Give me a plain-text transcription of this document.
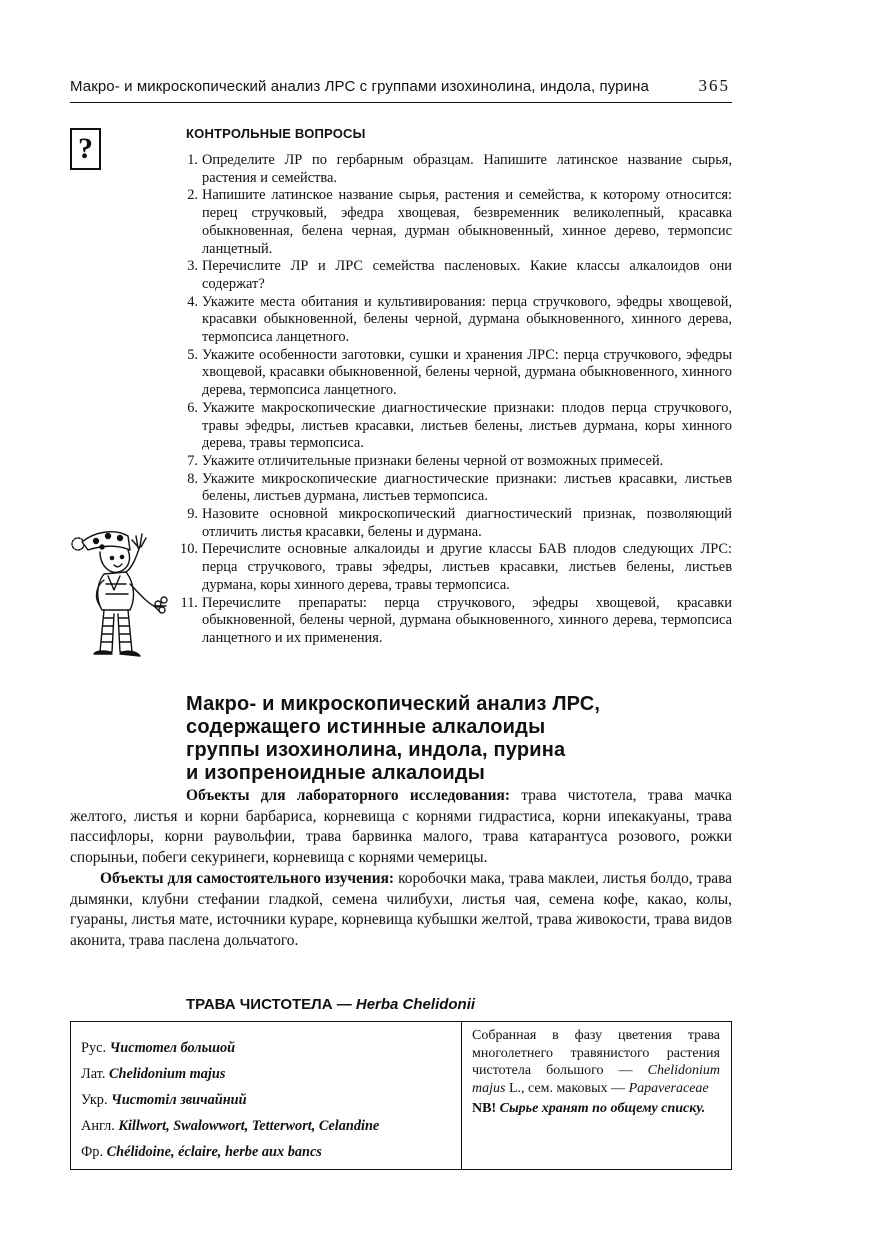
Макро- и микроскопический анализ ЛРС с группами изохинолина, индола, пурина	365
?	КОНТРОЛЬНЫЕ ВОПРОСЫ
1. Определите ЛР по гербарным образцам. Напишите латинское название сырья, растения и семейства.
2. Напишите латинское название сырья, растения и семейства, к которому относится: перец стручковый, эфедра хвощевая, безвременник великолепный, красавка обыкновенная, белена черная, дурман обыкновенный, хинное дерево, термопсис ланцетный.
3. Перечислите ЛР и ЛРС семейства пасленовых. Какие классы алкалоидов они содержат?
4. Укажите места обитания и культивирования: перца стручкового, эфедры хвощевой, красавки обыкновенной, белены черной, дурмана обыкновенного, хинного дерева, термопсиса ланцетного.
5. Укажите особенности заготовки, сушки и хранения ЛРС: перца стручкового, эфедры хвощевой, красавки обыкновенной, белены черной, дурмана обыкновенного, хинного дерева, термопсиса ланцетного.
6. Укажите макроскопические диагностические признаки: плодов перца стручкового, травы эфедры, листьев красавки, листьев белены, листьев дурмана, коры хинного дерева, травы термопсиса.
7. Укажите отличительные признаки белены черной от возможных примесей.
8. Укажите микроскопические диагностические признаки: листьев красавки, листьев белены, листьев дурмана, листьев термопсиса.
9. Назовите основной микроскопический диагностический признак, позволяющий отличить листья красавки, белены и дурмана.
10. Перечислите основные алкалоиды и другие классы БАВ плодов следующих ЛРС: перца стручкового, травы эфедры, листьев красавки, листьев белены, листьев дурмана, коры хинного дерева, травы термопсиса.
11. Перечислите препараты: перца стручкового, эфедры хвощевой, красавки обыкновенной, белены черной, дурмана обыкновенного, хинного дерева, термопсиса ланцетного и их применения.
Макро- и микроскопический анализ ЛРС,
содержащего истинные алкалоиды
группы изохинолина, индола, пурина
и изопреноидные алкалоиды

Объекты для лабораторного исследования: трава чистотела, трава мачка желтого, листья и корни барбариса, корневища с корнями гидрастиса, корни ипекакуаны, трава пассифлоры, корни раувольфии, трава барвинка малого, трава катарантуса розового, рожки спорыньи, побеги секуринеги, корневища с корнями чемерицы.

Объекты для самостоятельного изучения: коробочки мака, трава маклеи, листья болдо, трава дымянки, клубни стефании гладкой, семена чилибухи, листья чая, семена кофе, какао, колы, гуараны, листья мате, источники кураре, корневища кубышки желтой, трава живокости, трава видов аконита, трава паслена дольчатого.

ТРАВА ЧИСТОТЕЛА — Herba Chelidonii
Рус. Чистотел большой
Лат. Chelidonium majus
Укр. Чистотіл звичайний
Англ. Killwort, Swalowwort, Tetterwort, Celandine
Фр. Chélidoine, éclaire, herbe aux bancs
Собранная в фазу цветения трава многолетнего травянистого растения чистотела большого — Chelidonium majus L., сем. маковых — Papaveraceae
NB! Сырье хранят по общему списку.
